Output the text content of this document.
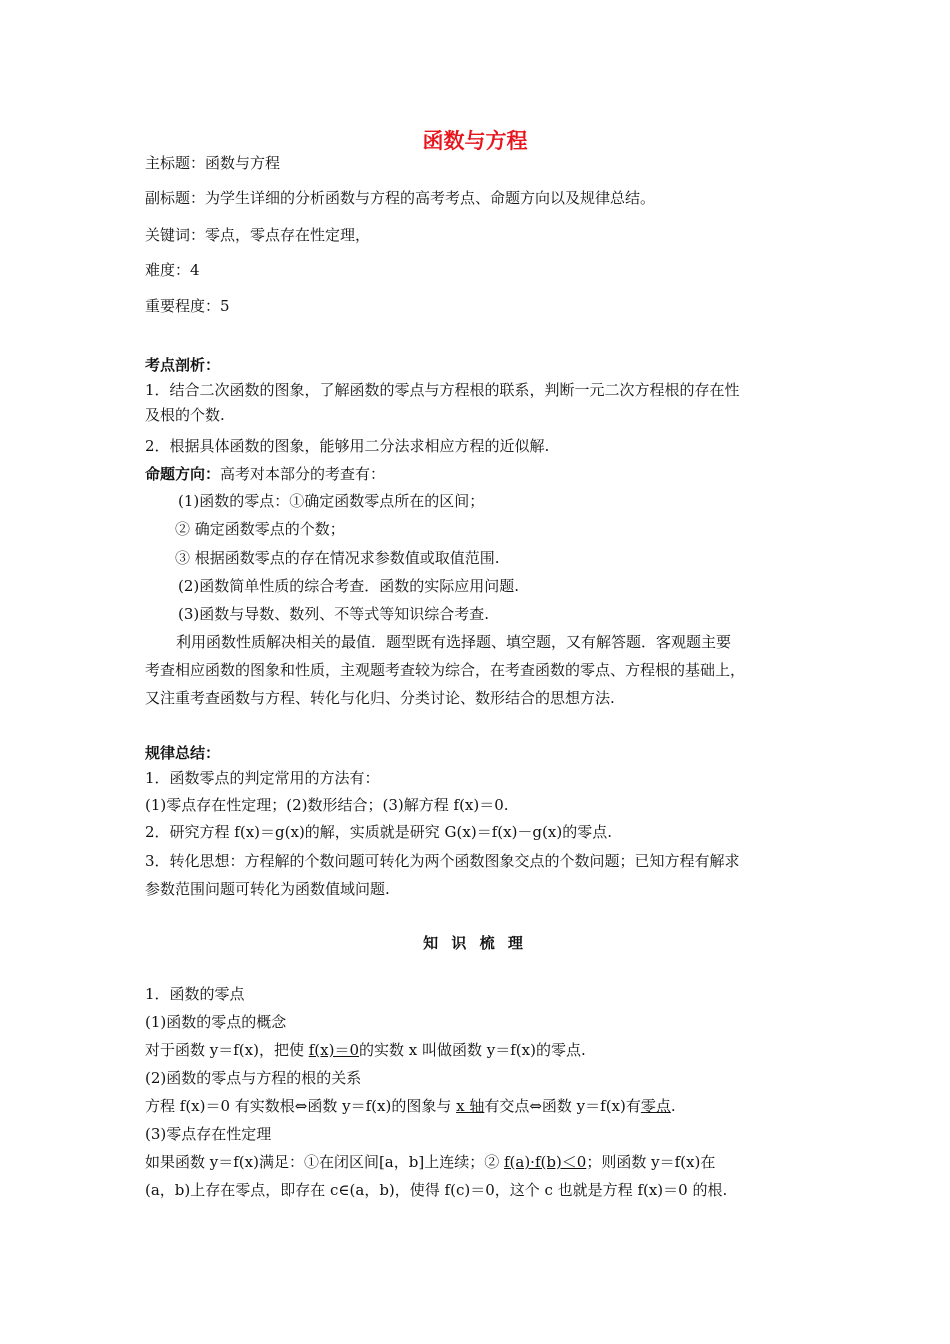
函数与方程
主标题：函数与方程
副标题：为学生详细的分析函数与方程的高考考点、命题方向以及规律总结。
关键词：零点，零点存在性定理，
难度：4
重要程度：5
考点剖析：
1．结合二次函数的图象，了解函数的零点与方程根的联系，判断一元二次方程根的存在性
及根的个数.
2．根据具体函数的图象，能够用二分法求相应方程的近似解.
命题方向：高考对本部分的考查有：
(1)函数的零点：①确定函数零点所在的区间；
② 确定函数零点的个数；
③ 根据函数零点的存在情况求参数值或取值范围.
(2)函数简单性质的综合考查．函数的实际应用问题.
(3)函数与导数、数列、不等式等知识综合考查.
利用函数性质解决相关的最值．题型既有选择题、填空题，又有解答题．客观题主要
考查相应函数的图象和性质，主观题考查较为综合，在考查函数的零点、方程根的基础上，
又注重考查函数与方程、转化与化归、分类讨论、数形结合的思想方法.
规律总结：
1．函数零点的判定常用的方法有：
(1)零点存在性定理；(2)数形结合；(3)解方程 f(x)＝0.
2．研究方程 f(x)＝g(x)的解，实质就是研究 G(x)＝f(x)－g(x)的零点.
3．转化思想：方程解的个数问题可转化为两个函数图象交点的个数问题；已知方程有解求
参数范围问题可转化为函数值域问题.
知 识 梳 理
1．函数的零点
(1)函数的零点的概念
对于函数 y＝f(x)，把使 f(x)＝0的实数 x 叫做函数 y＝f(x)的零点.
(2)函数的零点与方程的根的关系
方程 f(x)＝0 有实数根⇔函数 y＝f(x)的图象与 x 轴有交点⇔函数 y＝f(x)有零点.
(3)零点存在性定理
如果函数 y＝f(x)满足：①在闭区间[a，b]上连续；② f(a)·f(b)＜0；则函数 y＝f(x)在
(a，b)上存在零点，即存在 c∈(a，b)，使得 f(c)＝0，这个 c 也就是方程 f(x)＝0 的根.
